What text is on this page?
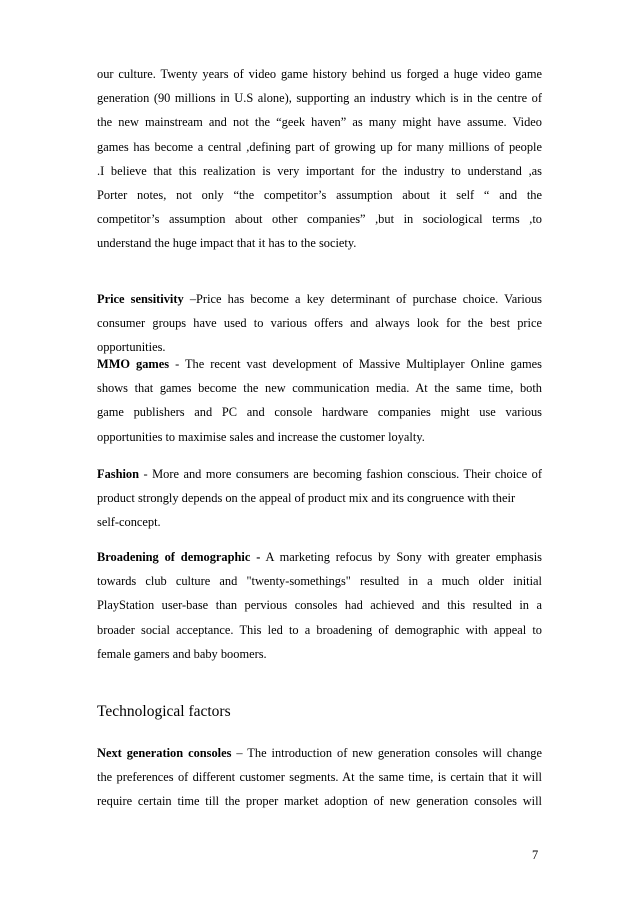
our culture. Twenty years of video game history behind us forged a huge video game
generation (90 millions in U.S alone), supporting an industry which is in the centre of
the new mainstream and not the “geek haven” as many might have assume. Video
games has become a central ,defining part of growing up for many millions of people
.I believe that this realization is very important for the industry to understand ,as
Porter notes, not only “the competitor’s assumption about it self “ and the
competitor’s assumption about other companies” ,but in sociological terms ,to
understand the huge impact that it has to the society.

Price sensitivity –Price has become a key determinant of purchase choice. Various
consumer groups have used to various offers and always look for the best price
opportunities.

MMO games - The recent vast development of Massive Multiplayer Online games
shows that games become the new communication media. At the same time, both
game publishers and PC and console hardware companies might use various
opportunities to maximise sales and increase the customer loyalty.

Fashion - More and more consumers are becoming fashion conscious. Their choice of
product strongly depends on the appeal of product mix and its congruence with their
self-concept.

Broadening of demographic - A marketing refocus by Sony with greater emphasis
towards club culture and "twenty-somethings" resulted in a much older initial
PlayStation user-base than pervious consoles had achieved and this resulted in a
broader social acceptance. This led to a broadening of demographic with appeal to
female gamers and baby boomers.

Technological factors

Next generation consoles – The introduction of new generation consoles will change
the preferences of different customer segments. At the same time, is certain that it will
require certain time till the proper market adoption of new generation consoles will

7
